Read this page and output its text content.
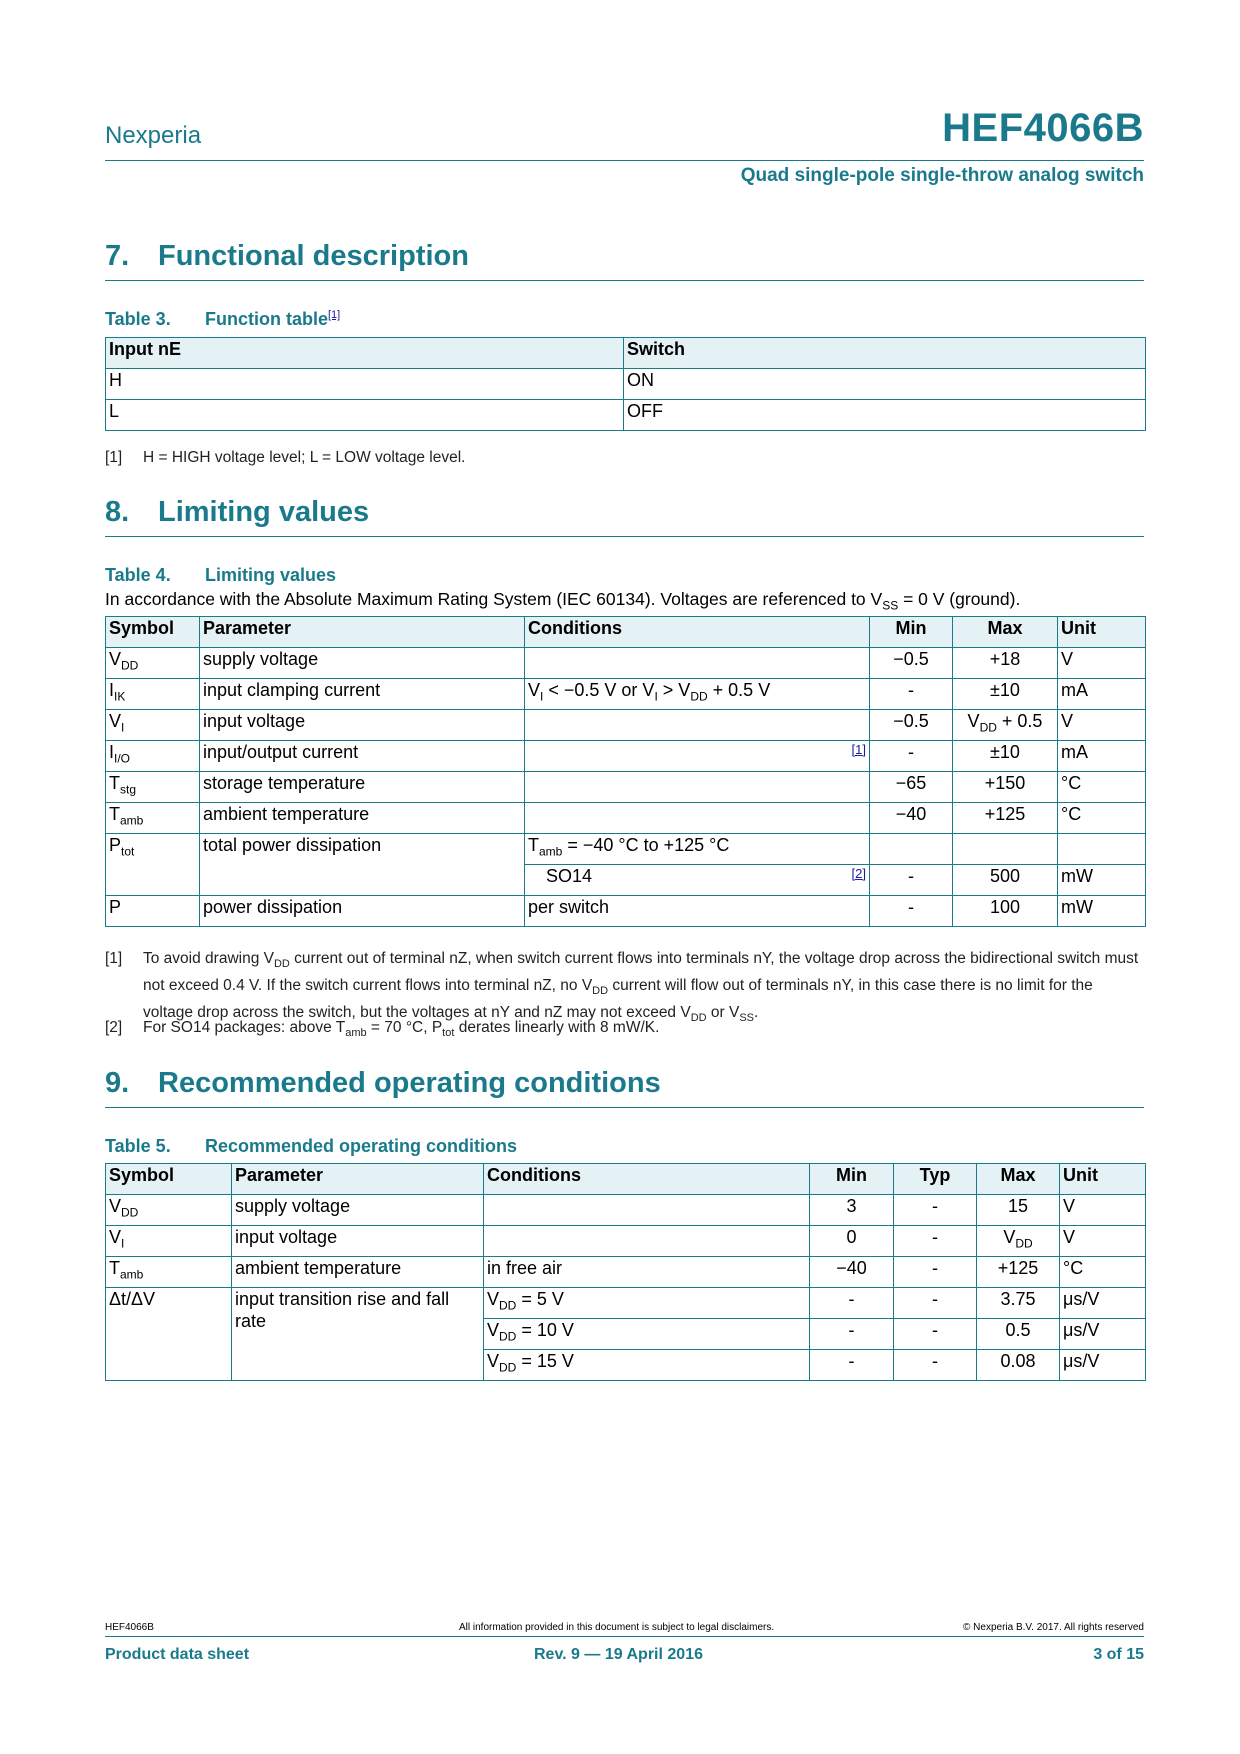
Nexperia	HEF4066B
Quad single-pole single-throw analog switch
7. Functional description
Table 3. Function table[1]
Input nE	Switch
H	ON
L	OFF
[1] H = HIGH voltage level; L = LOW voltage level.
8. Limiting values
Table 4. Limiting values
In accordance with the Absolute Maximum Rating System (IEC 60134). Voltages are referenced to $V_{SS} = 0$ V (ground).
Symbol	Parameter	Conditions	Min	Max	Unit
$V_{DD}$	supply voltage		−0.5	+18	V
$I_{IK}$	input clamping current	$V_I < -0.5$ V or $V_I > V_{DD} + 0.5$ V	-	±10	mA
$V_I$	input voltage		−0.5	$V_{DD} + 0.5$	V
$I_{I/O}$	input/output current	[1]	-	±10	mA
$T_{stg}$	storage temperature		−65	+150	°C
$T_{amb}$	ambient temperature		−40	+125	°C
$P_{tot}$	total power dissipation	$T_{amb} = -40$ °C to +125 °C			
		SO14 [2]	-	500	mW
P	power dissipation	per switch	-	100	mW
[1] To avoid drawing $V_{DD}$ current out of terminal nZ, when switch current flows into terminals nY, the voltage drop across the bidirectional switch must not exceed 0.4 V. If the switch current flows into terminal nZ, no $V_{DD}$ current will flow out of terminals nY, in this case there is no limit for the voltage drop across the switch, but the voltages at nY and nZ may not exceed $V_{DD}$ or $V_{SS}$.
[2] For SO14 packages: above $T_{amb} = 70$ °C, $P_{tot}$ derates linearly with 8 mW/K.
9. Recommended operating conditions
Table 5. Recommended operating conditions
Symbol	Parameter	Conditions	Min	Typ	Max	Unit
$V_{DD}$	supply voltage		3	-	15	V
$V_I$	input voltage		0	-	$V_{DD}$	V
$T_{amb}$	ambient temperature	in free air	−40	-	+125	°C
Δt/ΔV	input transition rise and fall rate	$V_{DD} = 5$ V	-	-	3.75	μs/V
		$V_{DD} = 10$ V	-	-	0.5	μs/V
		$V_{DD} = 15$ V	-	-	0.08	μs/V
HEF4066B	All information provided in this document is subject to legal disclaimers.	© Nexperia B.V. 2017. All rights reserved
Product data sheet	Rev. 9 — 19 April 2016	3 of 15
